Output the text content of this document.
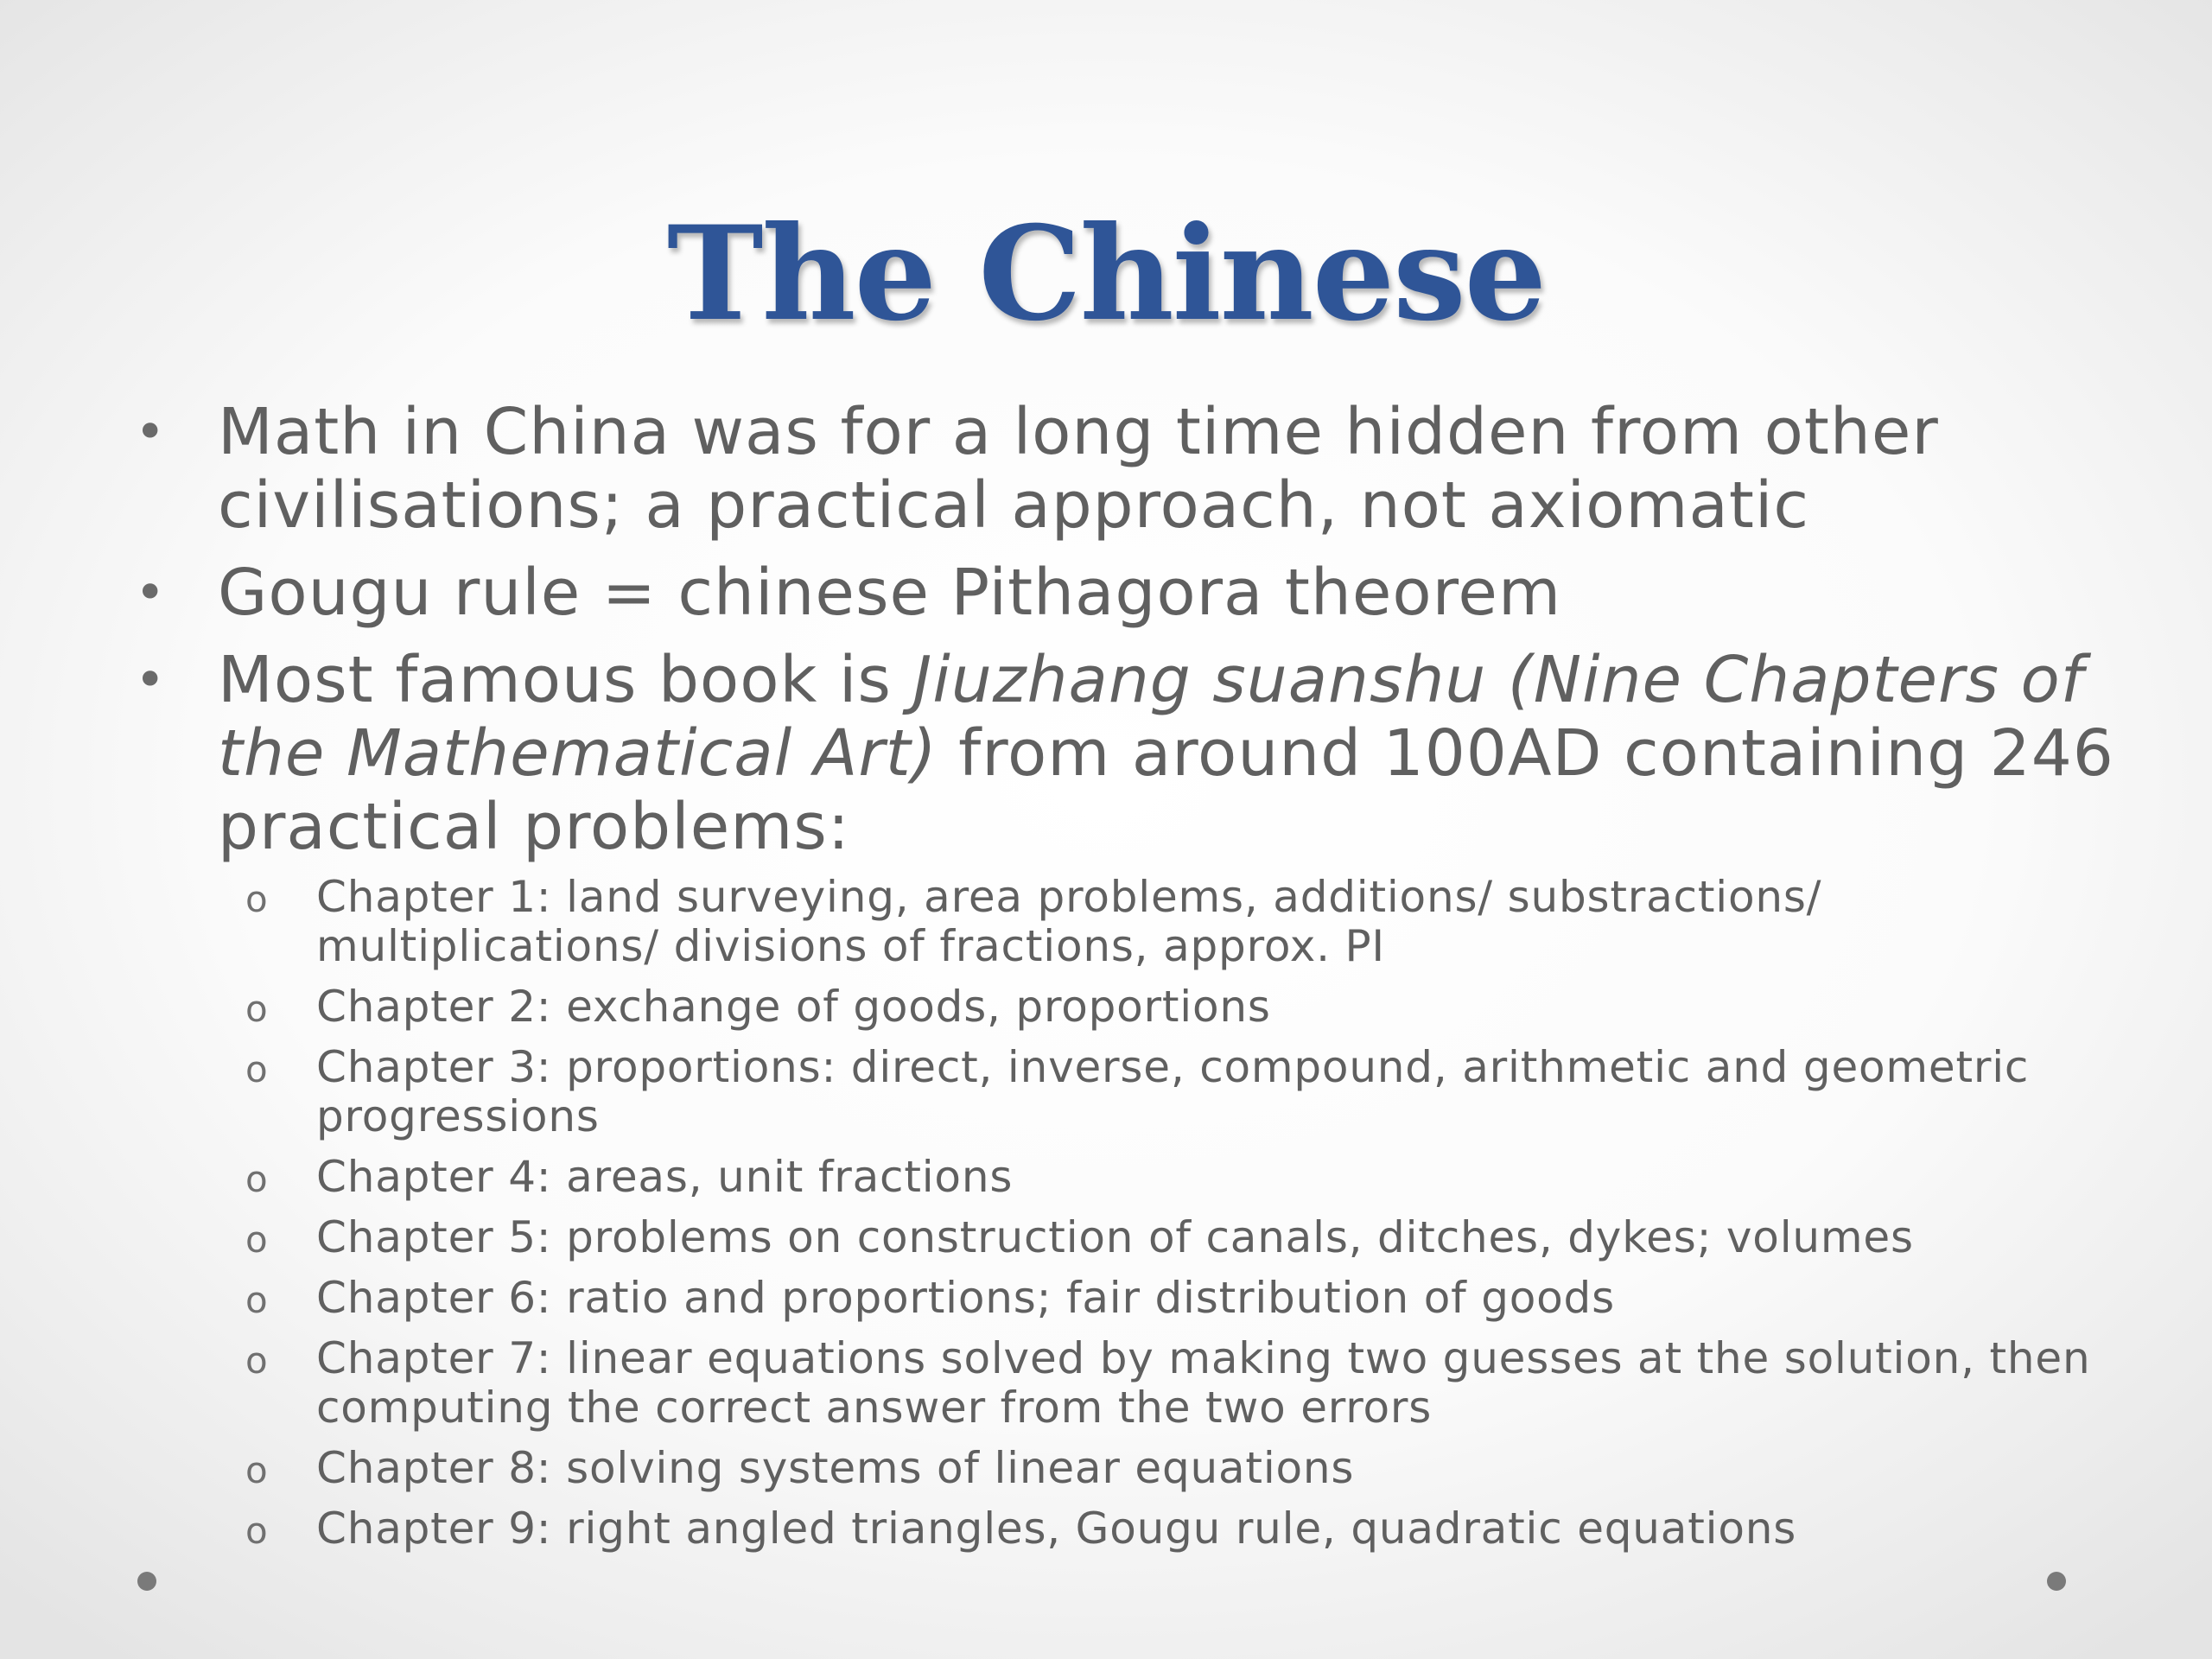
The Chinese
• Math in China was for a long time hidden from other civilisations; a practical approach, not axiomatic
• Gougu rule = chinese Pithagora theorem
• Most famous book is Jiuzhang suanshu (Nine Chapters of the Mathematical Art) from around 100AD containing 246 practical problems:
o Chapter 1: land surveying, area problems, additions/ substractions/ multiplications/ divisions of fractions, approx. PI
o Chapter 2: exchange of goods, proportions
o Chapter 3: proportions: direct, inverse, compound, arithmetic and geometric progressions
o Chapter 4: areas, unit fractions
o Chapter 5: problems on construction of canals, ditches, dykes; volumes
o Chapter 6: ratio and proportions; fair distribution of goods
o Chapter 7: linear equations solved by making two guesses at the solution, then computing the correct answer from the two errors
o Chapter 8: solving systems of linear equations
o Chapter 9: right angled triangles, Gougu rule, quadratic equations
